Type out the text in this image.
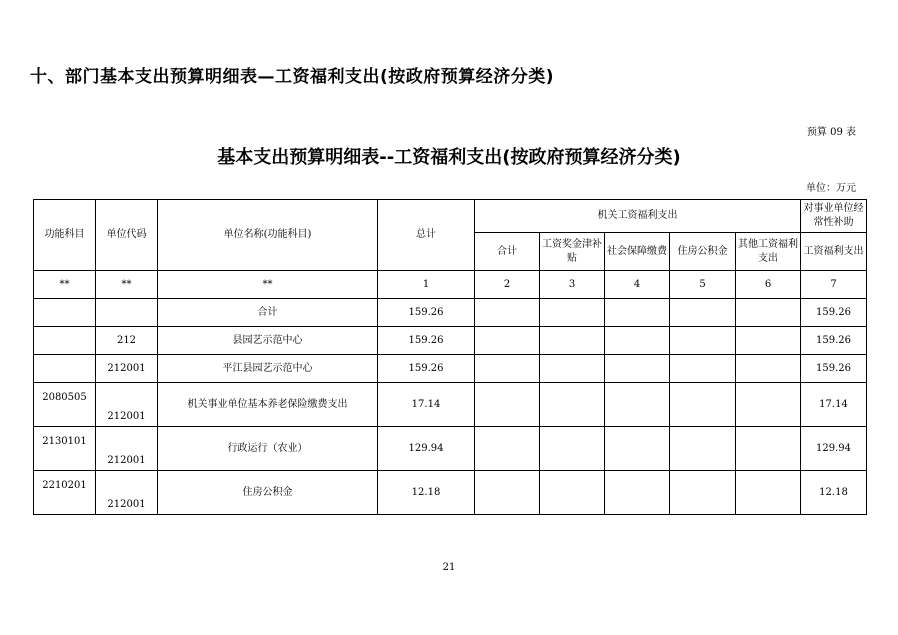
十、部门基本支出预算明细表—工资福利支出(按政府预算经济分类)
预算 09 表
基本支出预算明细表--工资福利支出(按政府预算经济分类)
单位：万元
功能科目	单位代码	单位名称(功能科目)	总计	机关工资福利支出					对事业单位经常性补助
				合计	工资奖金津补贴	社会保障缴费	住房公积金	其他工资福利支出	工资福利支出
**	**	**	1	2	3	4	5	6	7
		合计	159.26						159.26
	212	县园艺示范中心	159.26						159.26
	212001	平江县园艺示范中心	159.26						159.26
2080505	212001	机关事业单位基本养老保险缴费支出	17.14						17.14
2130101	212001	行政运行（农业）	129.94						129.94
2210201	212001	住房公积金	12.18						12.18
21
